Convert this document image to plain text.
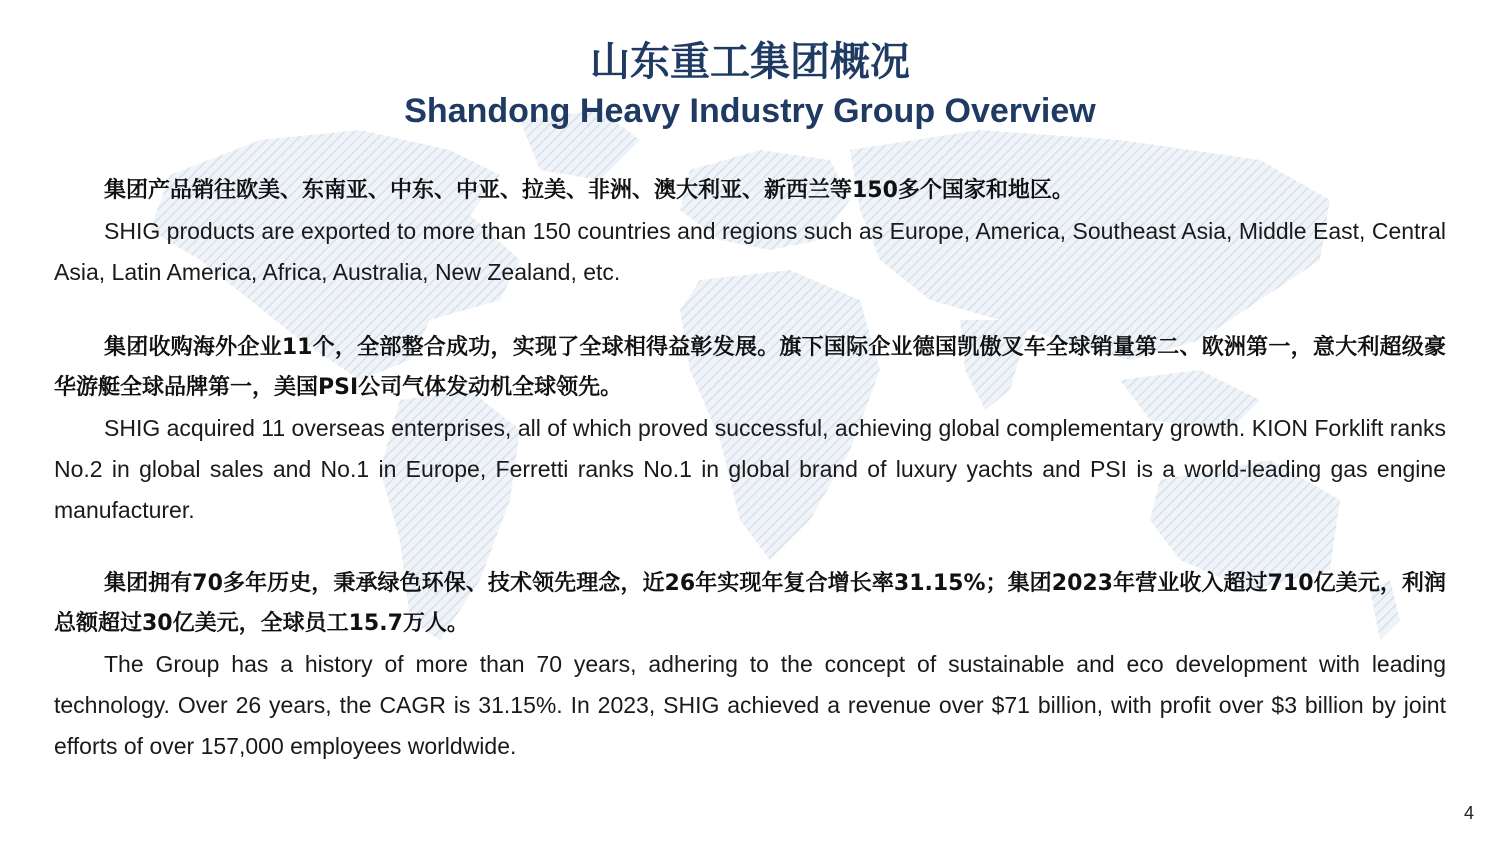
山东重工集团概况
Shandong Heavy Industry Group Overview

集团产品销往欧美、东南亚、中东、中亚、拉美、非洲、澳大利亚、新西兰等150多个国家和地区。

SHIG products are exported to more than 150 countries and regions such as Europe, America, Southeast Asia, Middle East, Central Asia, Latin America, Africa, Australia, New Zealand, etc.

集团收购海外企业11个，全部整合成功，实现了全球相得益彰发展。旗下国际企业德国凯傲叉车全球销量第二、欧洲第一，意大利超级豪华游艇全球品牌第一，美国PSI公司气体发动机全球领先。

SHIG acquired 11 overseas enterprises, all of which proved successful, achieving global complementary growth. KION Forklift ranks No.2 in global sales and No.1 in Europe, Ferretti ranks No.1 in global brand of luxury yachts and PSI is a world-leading gas engine manufacturer.

集团拥有70多年历史，秉承绿色环保、技术领先理念，近26年实现年复合增长率31.15%；集团2023年营业收入超过710亿美元，利润总额超过30亿美元，全球员工15.7万人。

The Group has a history of more than 70 years, adhering to the concept of sustainable and eco development with leading technology. Over 26 years, the CAGR is 31.15%. In 2023, SHIG achieved a revenue over $71 billion, with profit over $3 billion by joint efforts of over 157,000 employees worldwide.

4
